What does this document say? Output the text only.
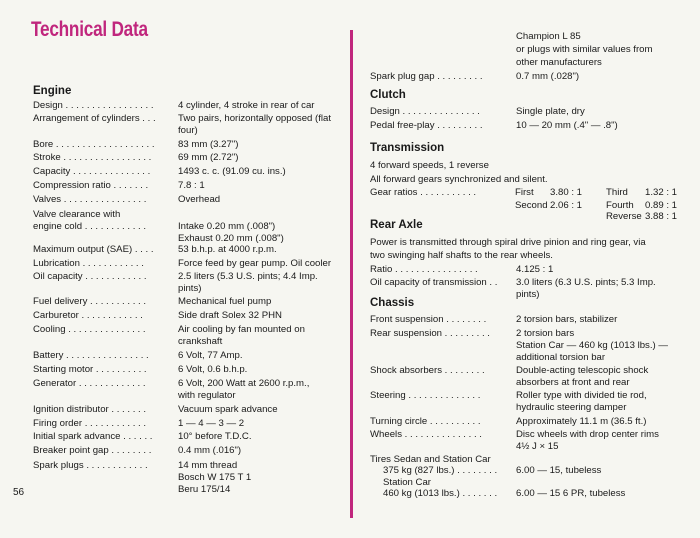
Technical Data
56
Engine
Design . . . . . . . . . . . . . . . . .	4 cylinder, 4 stroke in rear of car
Arrangement of cylinders . . .	Two pairs, horizontally opposed (flat
four)
Bore . . . . . . . . . . . . . . . . . . .	83 mm (3.27")
Stroke . . . . . . . . . . . . . . . . .	69 mm (2.72")
Capacity . . . . . . . . . . . . . . .	1493 c. c. (91.09 cu. ins.)
Compression ratio . . . . . . .	7.8 : 1
Valves . . . . . . . . . . . . . . . .	Overhead
Valve clearance with
engine cold . . . . . . . . . . . .	Intake 0.20 mm (.008")
Exhaust 0.20 mm (.008")
Maximum output (SAE) . . . .	53 b.h.p. at 4000 r.p.m.
Lubrication . . . . . . . . . . . .	Force feed by gear pump. Oil cooler
Oil capacity . . . . . . . . . . . .	2.5 liters (5.3 U.S. pints; 4.4 Imp.
pints)
Fuel delivery . . . . . . . . . . .	Mechanical fuel pump
Carburetor . . . . . . . . . . . .	Side draft Solex 32 PHN
Cooling . . . . . . . . . . . . . . .	Air cooling by fan mounted on
crankshaft
Battery . . . . . . . . . . . . . . . .	6 Volt, 77 Amp.
Starting motor . . . . . . . . . .	6 Volt, 0.6 b.h.p.
Generator . . . . . . . . . . . . .	6 Volt, 200 Watt at 2600 r.p.m.,
with regulator
Ignition distributor . . . . . . .	Vacuum spark advance
Firing order . . . . . . . . . . . .	1 — 4 — 3 — 2
Initial spark advance . . . . . .	10° before T.D.C.
Breaker point gap . . . . . . . .	0.4 mm (.016")
Spark plugs . . . . . . . . . . . .	14 mm thread
Bosch W 175 T 1
Beru 175/14
Champion L 85
or plugs with similar values from
other manufacturers
Spark plug gap . . . . . . . . .	0.7 mm (.028")
Clutch
Design . . . . . . . . . . . . . . .	Single plate, dry
Pedal free-play . . . . . . . . .	10 — 20 mm (.4" — .8")
Transmission
4 forward speeds, 1 reverse
All forward gears synchronized and silent.
Gear ratios . . . . . . . . . . .	First 3.80 : 1
Second 2.06 : 1
Third 1.32 : 1
Fourth 0.89 : 1
Reverse 3.88 : 1
Rear Axle
Power is transmitted through spiral drive pinion and ring gear, via
two swinging half shafts to the rear wheels.
Ratio . . . . . . . . . . . . . . . .	4.125 : 1
Oil capacity of transmission . .	3.0 liters (6.3 U.S. pints; 5.3 Imp.
pints)
Chassis
Front suspension . . . . . . . .	2 torsion bars, stabilizer
Rear suspension . . . . . . . . .	2 torsion bars
Station Car — 460 kg (1013 lbs.) —
additional torsion bar
Shock absorbers . . . . . . . .	Double-acting telescopic shock
absorbers at front and rear
Steering . . . . . . . . . . . . . .	Roller type with divided tie rod,
hydraulic steering damper
Turning circle . . . . . . . . . .	Approximately 11.1 m (36.5 ft.)
Wheels . . . . . . . . . . . . . . .	Disc wheels with drop center rims
4½ J × 15
Tires Sedan and Station Car
375 kg (827 lbs.) . . . . . . . .	6.00 — 15, tubeless
Station Car
460 kg (1013 lbs.) . . . . . . .	6.00 — 15 6 PR, tubeless
